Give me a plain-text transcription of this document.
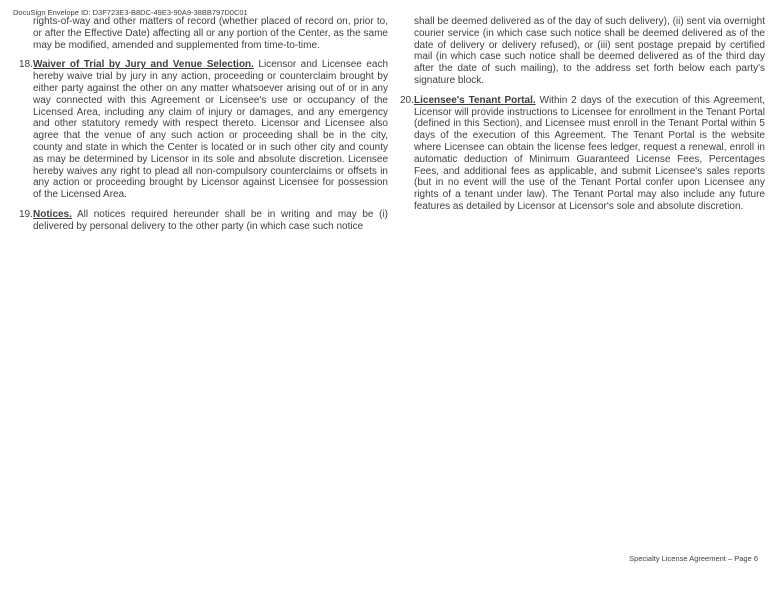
DocuSign Envelope ID: D3F723E3-B8DC-49E3-90A9-38BB797D0C01

rights-of-way and other matters of record (whether placed of record on, prior to, or after the Effective Date) affecting all or any portion of the Center, as the same may be modified, amended and supplemented from time-to-time.

18. Waiver of Trial by Jury and Venue Selection. Licensor and Licensee each hereby waive trial by jury in any action, proceeding or counterclaim brought by either party against the other on any matter whatsoever arising out of or in any way connected with this Agreement or Licensee's use or occupancy of the Licensed Area, including any claim of injury or damages, and any emergency and other statutory remedy with respect thereto. Licensor and Licensee also agree that the venue of any such action or proceeding shall be in the city, county and state in which the Center is located or in such other city and county as may be determined by Licensor in its sole and absolute discretion. Licensee hereby waives any right to plead all non-compulsory counterclaims or offsets in any action or proceeding brought by Licensor against Licensee for possession of the Licensed Area.

19. Notices. All notices required hereunder shall be in writing and may be (i) delivered by personal delivery to the other party (in which case such notice

shall be deemed delivered as of the day of such delivery), (ii) sent via overnight courier service (in which case such notice shall be deemed delivered as of the date of delivery or delivery refused), or (iii) sent postage prepaid by certified mail (in which case such notice shall be deemed delivered as of the third day after the date of such mailing), to the address set forth below each party's signature block.

20. Licensee's Tenant Portal. Within 2 days of the execution of this Agreement, Licensor will provide instructions to Licensee for enrollment in the Tenant Portal (defined in this Section), and Licensee must enroll in the Tenant Portal within 5 days of the execution of this Agreement. The Tenant Portal is the website where Licensee can obtain the license fees ledger, request a renewal, enroll in automatic deduction of Minimum Guaranteed License Fees, Percentages Fees, and additional fees as applicable, and submit Licensee's sales reports (but in no event will the use of the Tenant Portal confer upon Licensee any rights of a tenant under law). The Tenant Portal may also include any future features as detailed by Licensor at Licensor's sole and absolute discretion.

Specialty License Agreement – Page 6
